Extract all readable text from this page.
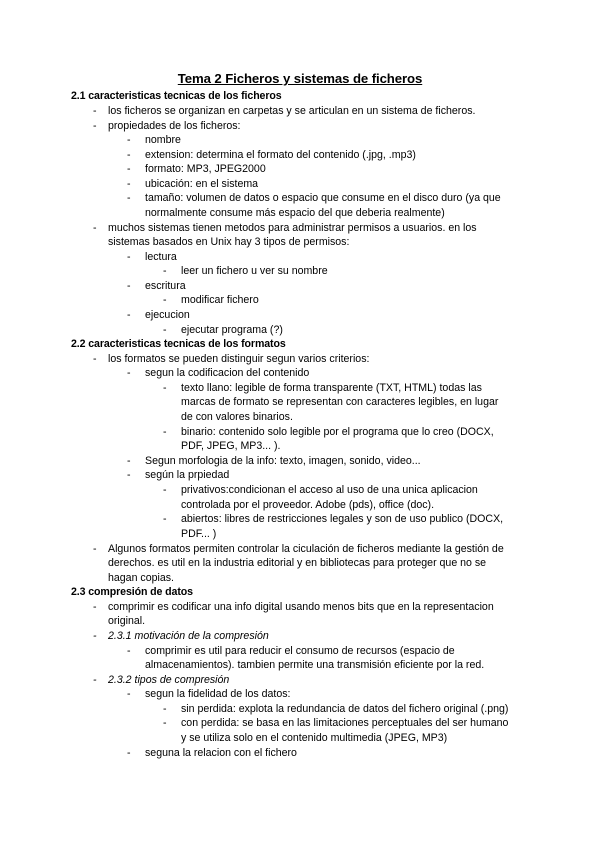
Tema 2 Ficheros y sistemas de ficheros
2.1 caracteristicas tecnicas de los ficheros
- los ficheros se organizan en carpetas y se articulan en un sistema de ficheros.
- propiedades de los ficheros:
- nombre
- extension: determina el formato del contenido (.jpg, .mp3)
- formato: MP3, JPEG2000
- ubicación: en el sistema
- tamaño: volumen de datos o espacio que consume en el disco duro (ya que
normalmente consume más espacio del que deberia realmente)
- muchos sistemas tienen metodos para administrar permisos a usuarios. en los
sistemas basados en Unix hay 3 tipos de permisos:
- lectura
- leer un fichero u ver su nombre
- escritura
- modificar fichero
- ejecucion
- ejecutar programa (?)
2.2 caracteristicas tecnicas de los formatos
- los formatos se pueden distinguir segun varios criterios:
- segun la codificacion del contenido
- texto llano: legible de forma transparente (TXT, HTML) todas las
marcas de formato se representan con caracteres legibles, en lugar
de con valores binarios.
- binario: contenido solo legible por el programa que lo creo (DOCX,
PDF, JPEG, MP3... ).
- Segun morfologia de la info: texto, imagen, sonido, video...
- según la prpiedad
- privativos:condicionan el acceso al uso de una unica aplicacion
controlada por el proveedor. Adobe (pds), office (doc).
- abiertos: libres de restricciones legales y son de uso publico (DOCX,
PDF... )
- Algunos formatos permiten controlar la ciculación de ficheros mediante la gestión de
derechos. es util en la industria editorial y en bibliotecas para proteger que no se
hagan copias.
2.3 compresión de datos
- comprimir es codificar una info digital usando menos bits que en la representacion
original.
- 2.3.1 motivación de la compresión
- comprimir es util para reducir el consumo de recursos (espacio de
almacenamientos). tambien permite una transmisión eficiente por la red.
- 2.3.2 tipos de compresión
- segun la fidelidad de los datos:
- sin perdida: explota la redundancia de datos del fichero original (.png)
- con perdida: se basa en las limitaciones perceptuales del ser humano
y se utiliza solo en el contenido multimedia (JPEG, MP3)
- seguna la relacion con el fichero
